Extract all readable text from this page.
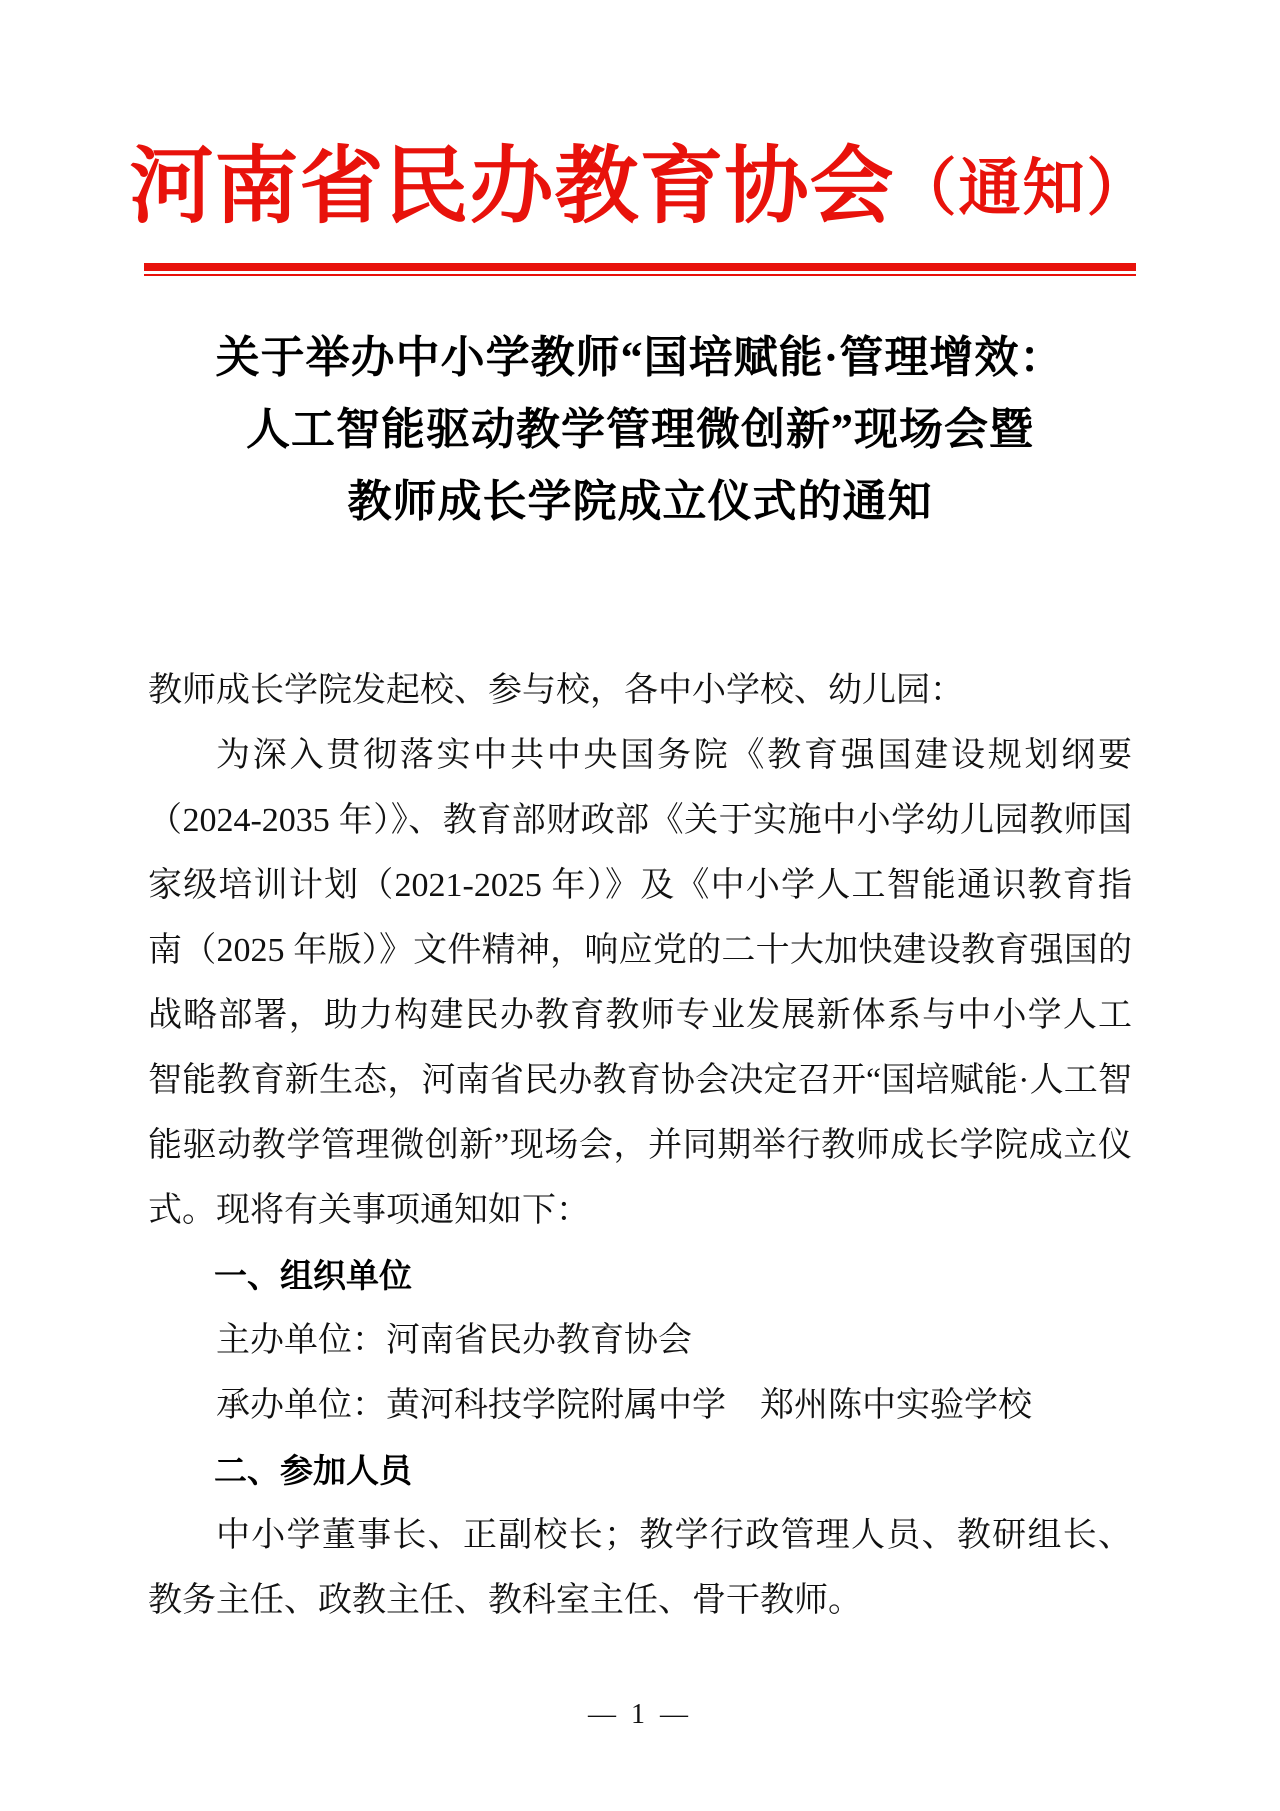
河南省民办教育协会（通知）
关于举办中小学教师“国培赋能·管理增效：
人工智能驱动教学管理微创新”现场会暨
教师成长学院成立仪式的通知

教师成长学院发起校、参与校，各中小学校、幼儿园：

为深入贯彻落实中共中央国务院《教育强国建设规划纲要（2024-2035 年）》、教育部财政部《关于实施中小学幼儿园教师国家级培训计划（2021-2025 年）》及《中小学人工智能通识教育指南（2025 年版）》文件精神，响应党的二十大加快建设教育强国的战略部署，助力构建民办教育教师专业发展新体系与中小学人工智能教育新生态，河南省民办教育协会决定召开“国培赋能·人工智能驱动教学管理微创新”现场会，并同期举行教师成长学院成立仪式。现将有关事项通知如下：

一、组织单位

主办单位：河南省民办教育协会

承办单位：黄河科技学院附属中学　郑州陈中实验学校

二、参加人员

中小学董事长、正副校长；教学行政管理人员、教研组长、教务主任、政教主任、教科室主任、骨干教师。

— 1 —
